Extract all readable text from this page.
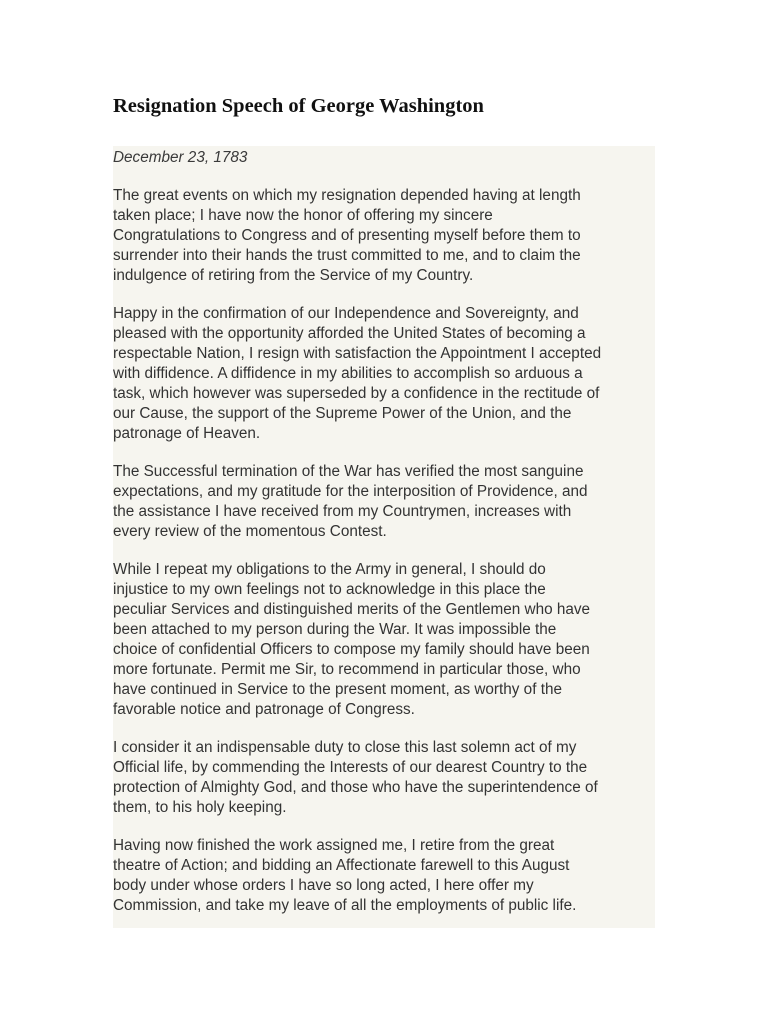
Resignation Speech of George Washington

December 23, 1783

The great events on which my resignation depended having at length
taken place; I have now the honor of offering my sincere
Congratulations to Congress and of presenting myself before them to
surrender into their hands the trust committed to me, and to claim the
indulgence of retiring from the Service of my Country.

Happy in the confirmation of our Independence and Sovereignty, and
pleased with the opportunity afforded the United States of becoming a
respectable Nation, I resign with satisfaction the Appointment I accepted
with diffidence. A diffidence in my abilities to accomplish so arduous a
task, which however was superseded by a confidence in the rectitude of
our Cause, the support of the Supreme Power of the Union, and the
patronage of Heaven.

The Successful termination of the War has verified the most sanguine
expectations, and my gratitude for the interposition of Providence, and
the assistance I have received from my Countrymen, increases with
every review of the momentous Contest.

While I repeat my obligations to the Army in general, I should do
injustice to my own feelings not to acknowledge in this place the
peculiar Services and distinguished merits of the Gentlemen who have
been attached to my person during the War. It was impossible the
choice of confidential Officers to compose my family should have been
more fortunate. Permit me Sir, to recommend in particular those, who
have continued in Service to the present moment, as worthy of the
favorable notice and patronage of Congress.

I consider it an indispensable duty to close this last solemn act of my
Official life, by commending the Interests of our dearest Country to the
protection of Almighty God, and those who have the superintendence of
them, to his holy keeping.

Having now finished the work assigned me, I retire from the great
theatre of Action; and bidding an Affectionate farewell to this August
body under whose orders I have so long acted, I here offer my
Commission, and take my leave of all the employments of public life.
